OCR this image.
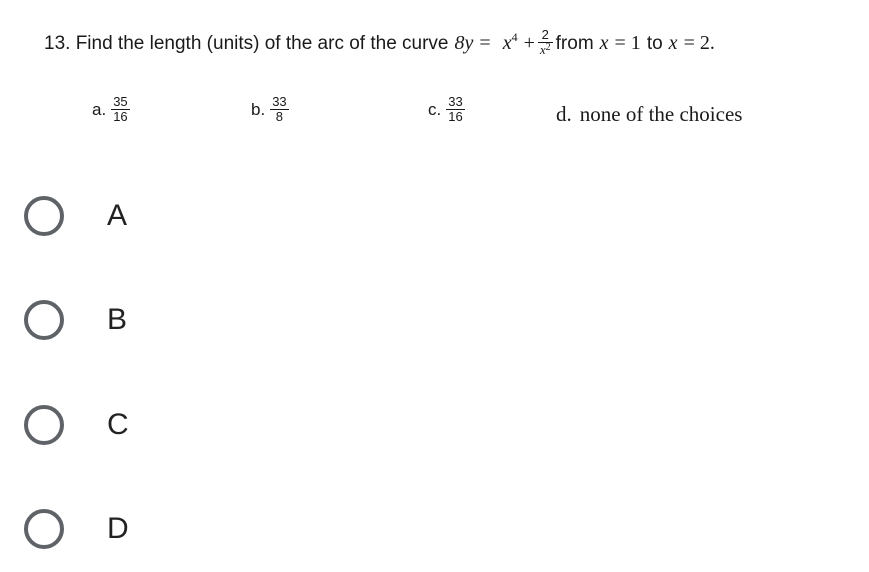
13. Find the length (units) of the arc of the curve $8y = x^4 + \frac{2}{x^2}$ from x = 1 to x = 2.
a. $\frac{35}{16}$	b. $\frac{33}{8}$	c. $\frac{33}{16}$	d. none of the choices
A
B
C
D
